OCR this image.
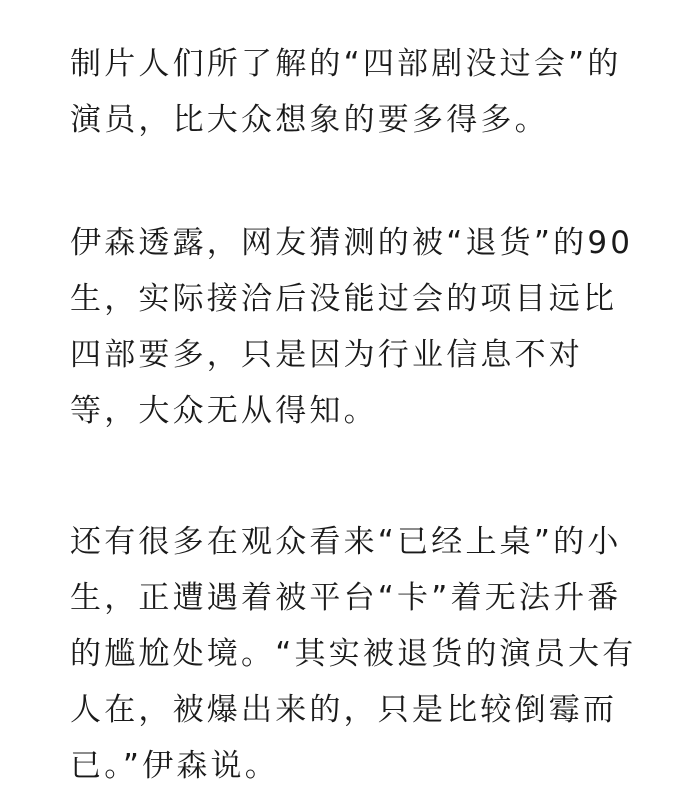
制片人们所了解的“四部剧没过会”的
演员，比大众想象的要多得多。

伊森透露，网友猜测的被“退货”的90
生，实际接洽后没能过会的项目远比
四部要多，只是因为行业信息不对
等，大众无从得知。

还有很多在观众看来“已经上桌”的小
生，正遭遇着被平台“卡”着无法升番
的尴尬处境。“其实被退货的演员大有
人在，被爆出来的，只是比较倒霉而
已。”伊森说。
